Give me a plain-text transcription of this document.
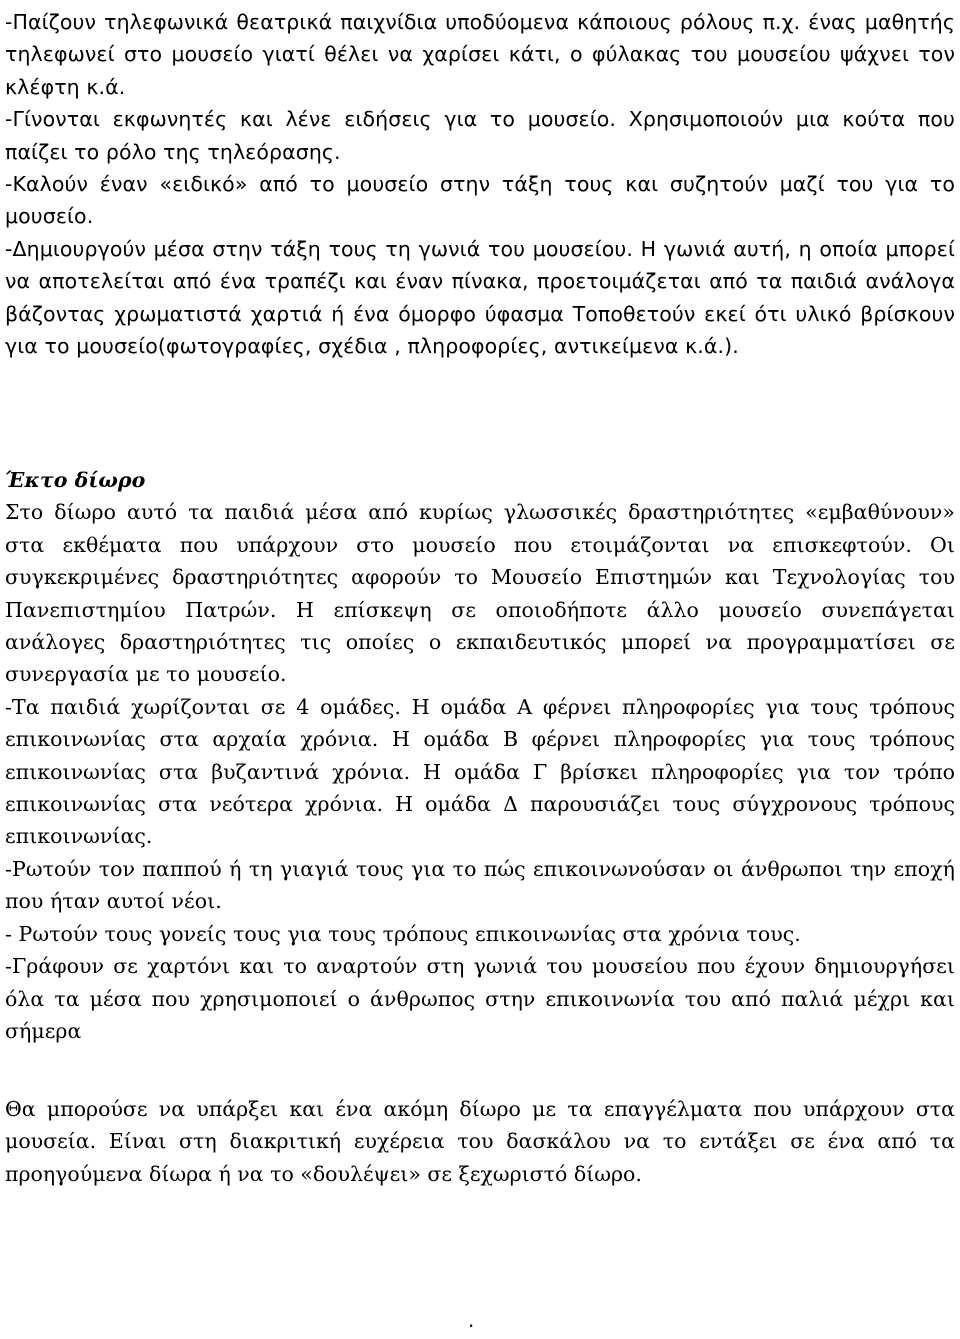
-Παίζουν τηλεφωνικά θεατρικά παιχνίδια υποδύομενα κάποιους ρόλους π.χ. ένας μαθητής τηλεφωνεί στο μουσείο γιατί θέλει να χαρίσει κάτι, ο φύλακας του μουσείου ψάχνει τον κλέφτη κ.ά.

-Γίνονται εκφωνητές και λένε ειδήσεις για το μουσείο. Χρησιμοποιούν μια κούτα που παίζει το ρόλο της τηλεόρασης.

-Καλούν έναν «ειδικό» από το μουσείο στην τάξη τους και συζητούν μαζί του για το μουσείο.

-Δημιουργούν μέσα στην τάξη τους τη γωνιά του μουσείου. Η γωνιά αυτή, η οποία μπορεί να αποτελείται από ένα τραπέζι και έναν πίνακα, προετοιμάζεται από τα παιδιά ανάλογα βάζοντας χρωματιστά χαρτιά ή ένα όμορφο ύφασμα Τοποθετούν εκεί ότι υλικό βρίσκουν για το μουσείο(φωτογραφίες, σχέδια , πληροφορίες, αντικείμενα κ.ά.).

Έκτο δίωρο

Στο δίωρο αυτό τα παιδιά μέσα από κυρίως γλωσσικές δραστηριότητες «εμβαθύνουν» στα εκθέματα που υπάρχουν στο μουσείο που ετοιμάζονται να επισκεφτούν. Οι συγκεκριμένες δραστηριότητες αφορούν το Μουσείο Επιστημών και Τεχνολογίας του Πανεπιστημίου Πατρών. Η επίσκεψη σε οποιοδήποτε άλλο μουσείο συνεπάγεται ανάλογες δραστηριότητες τις οποίες ο εκπαιδευτικός μπορεί να προγραμματίσει σε συνεργασία με το μουσείο.

-Τα παιδιά χωρίζονται σε 4 ομάδες. Η ομάδα Α φέρνει πληροφορίες για τους τρόπους επικοινωνίας στα αρχαία χρόνια. Η ομάδα Β φέρνει πληροφορίες για τους τρόπους επικοινωνίας στα βυζαντινά χρόνια. Η ομάδα Γ βρίσκει πληροφορίες για τον τρόπο επικοινωνίας στα νεότερα χρόνια. Η ομάδα Δ παρουσιάζει τους σύγχρονους τρόπους επικοινωνίας.

-Ρωτούν τον παππού ή τη γιαγιά τους για το πώς επικοινωνούσαν οι άνθρωποι την εποχή που ήταν αυτοί νέοι.

- Ρωτούν τους γονείς τους για τους τρόπους επικοινωνίας στα χρόνια τους.

-Γράφουν σε χαρτόνι και το αναρτούν στη γωνιά του μουσείου που έχουν δημιουργήσει όλα τα μέσα που χρησιμοποιεί ο άνθρωπος στην επικοινωνία του από παλιά μέχρι και σήμερα

Θα μπορούσε να υπάρξει και ένα ακόμη δίωρο με τα επαγγέλματα που υπάρχουν στα μουσεία. Είναι στη διακριτική ευχέρεια του δασκάλου να το εντάξει σε ένα από τα προηγούμενα δίωρα ή να το «δουλέψει» σε ξεχωριστό δίωρο.

.
